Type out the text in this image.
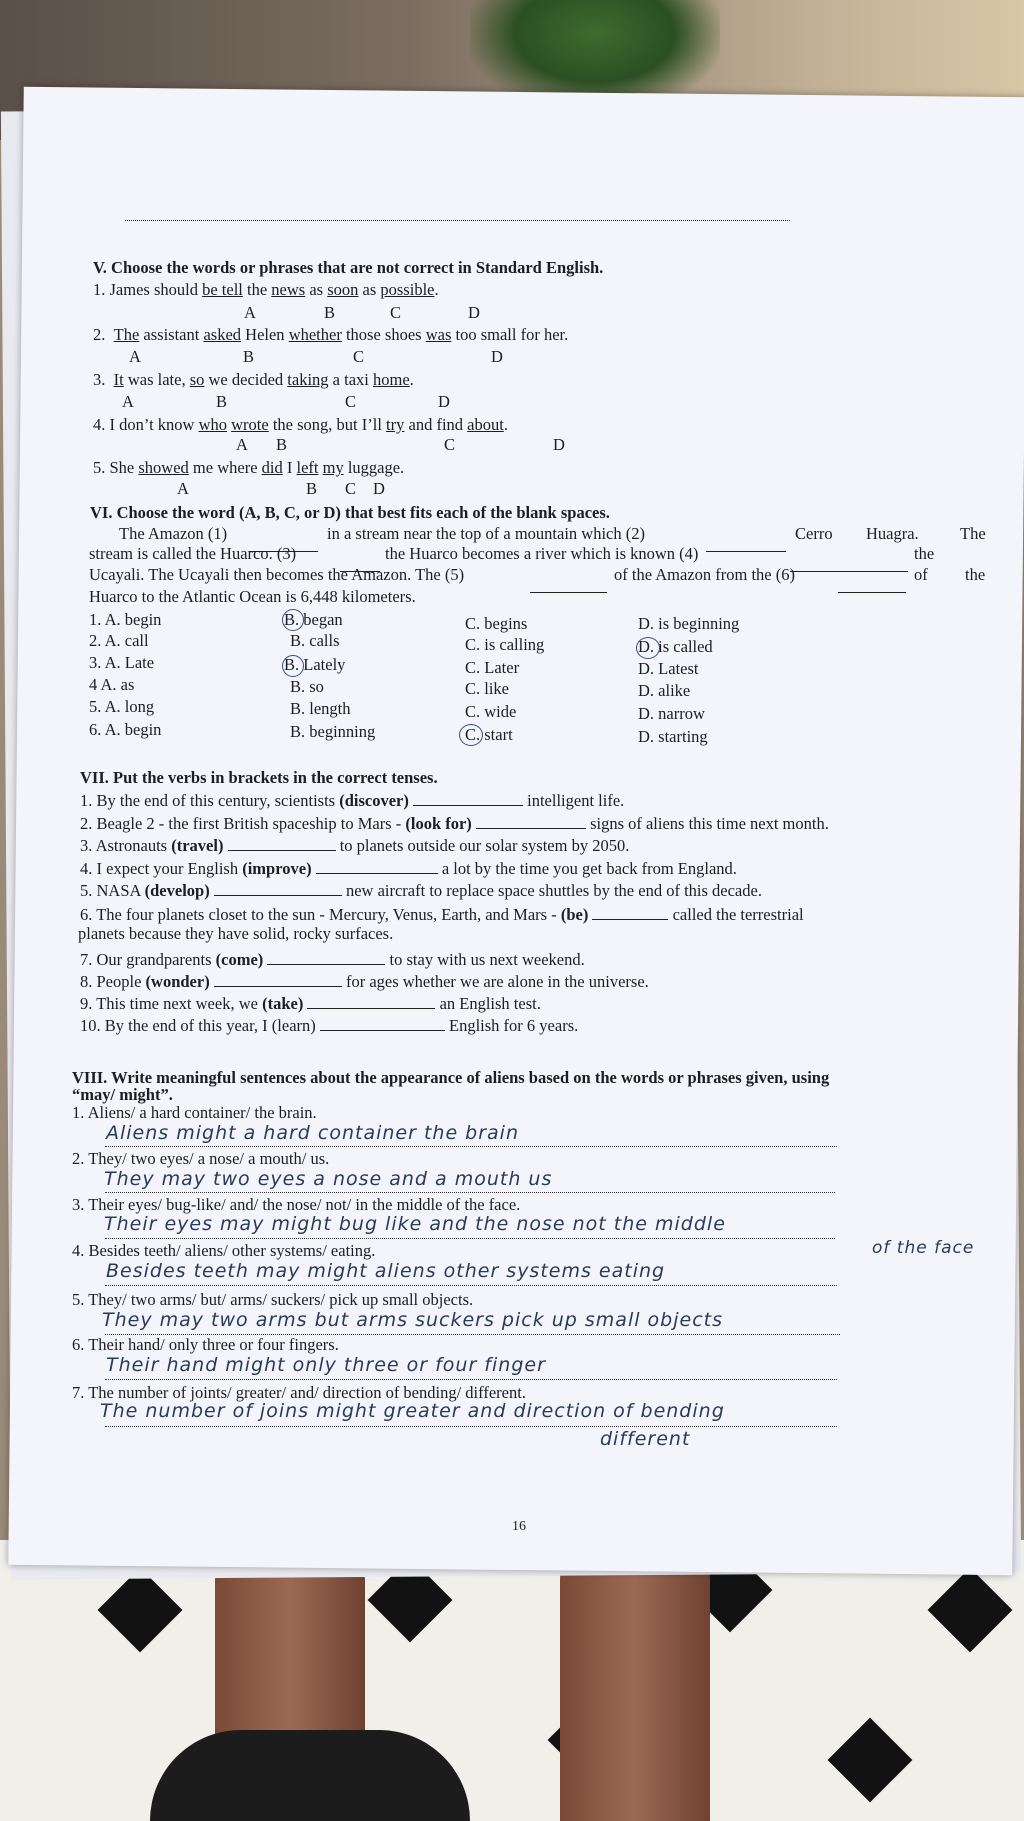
V. Choose the words or phrases that are not correct in Standard English.
1. James should be tell the news as soon as possible.
A	B	C	D
2. The assistant asked Helen whether those shoes was too small for her.
A	B	C	D
3. It was late, so we decided taking a taxi home.
A	B	C	D
4. I don’t know who wrote the song, but I’ll try and find about.
A B	C	D
5. She showed me where did I left my luggage.
A	B C D
VI. Choose the word (A, B, C, or D) that best fits each of the blank spaces.
The Amazon (1)	in a stream near the top of a mountain which (2)	Cerro Huagra.	The
stream is called the Huarco. (3)	the Huarco becomes a river which is known (4)	the
Ucayali. The Ucayali then becomes the Amazon. The (5)	of the Amazon from the (6)	of the
Huarco to the Atlantic Ocean is 6,448 kilometers.
1. A. begin	B. began	C. begins	D. is beginning
2. A. call	B. calls	C. is calling	D. is called
3. A. Late	B. Lately	C. Later	D. Latest
4 A. as	B. so	C. like	D. alike
5. A. long	B. length	C. wide	D. narrow
6. A. begin	B. beginning	C. start	D. starting
VII. Put the verbs in brackets in the correct tenses.
1. By the end of this century, scientists (discover)	intelligent life.
2. Beagle 2 - the first British spaceship to Mars - (look for)	signs of aliens this time next month.
3. Astronauts (travel)	to planets outside our solar system by 2050.
4. I expect your English (improve)	a lot by the time you get back from England.
5. NASA (develop)	new aircraft to replace space shuttles by the end of this decade.
6. The four planets closet to the sun - Mercury, Venus, Earth, and Mars - (be)	called the terrestrial
planets because they have solid, rocky surfaces.
7. Our grandparents (come)	to stay with us next weekend.
8. People (wonder)	for ages whether we are alone in the universe.
9. This time next week, we (take)	an English test.
10. By the end of this year, I (learn)	English for 6 years.
VIII. Write meaningful sentences about the appearance of aliens based on the words or phrases given, using
“may/ might”.
1. Aliens/ a hard container/ the brain.
Aliens might a hard container the brain
2. They/ two eyes/ a nose/ a mouth/ us.
They may two eyes a nose and a mouth us
3. Their eyes/ bug-like/ and/ the nose/ not/ in the middle of the face.
Their eyes may might bug like and the nose not the middle
of the face
4. Besides teeth/ aliens/ other systems/ eating.
Besides teeth may might aliens other systems eating
5. They/ two arms/ but/ arms/ suckers/ pick up small objects.
They may two arms but arms suckers pick up small objects
6. Their hand/ only three or four fingers.
Their hand might only three or four finger
7. The number of joints/ greater/ and/ direction of bending/ different.
The number of joins might greater and direction of bending
different
16
